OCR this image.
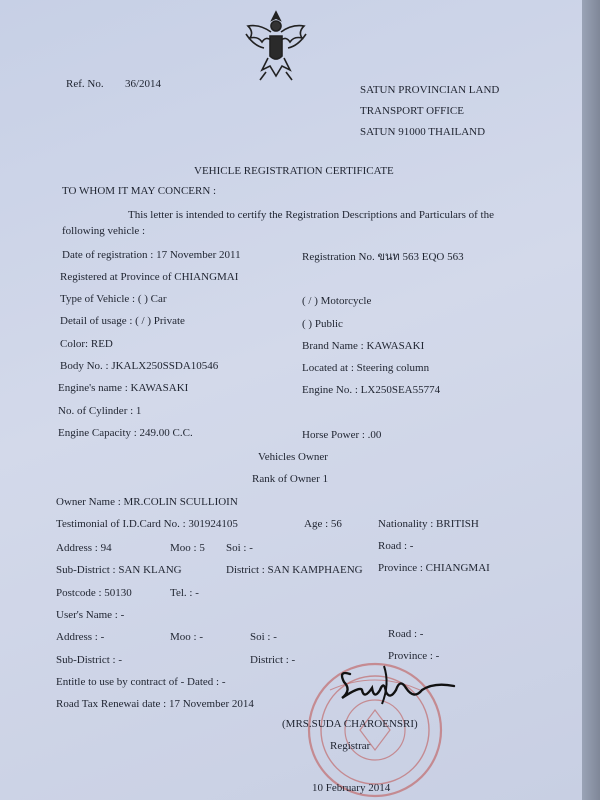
Ref. No. 36/2014	SATUN PROVINCIAN LAND
TRANSPORT OFFICE
SATUN 91000 THAILAND
VEHICLE REGISTRATION CERTIFICATE
TO WHOM IT MAY CONCERN :
This letter is intended to certify the Registration Descriptions and Particulars of the
following vehicle :
Date of registration : 17 November 2011	Registration No. ขนท 563 EQO 563
Registered at Province of CHIANGMAI
Type of Vehicle : ( ) Car	( / ) Motorcycle
Detail of usage : ( / ) Private	( ) Public
Color: RED	Brand Name : KAWASAKI
Body No. : JKALX250SSDA10546	Located at : Steering column
Engine's name : KAWASAKI	Engine No. : LX250SEA55774
No. of Cylinder : 1
Engine Capacity : 249.00 C.C.	Horse Power : .00
Vehicles Owner
Rank of Owner 1
Owner Name : MR.COLIN SCULLIOIN
Testimonial of I.D.Card No. : 301924105	Age : 56	Nationality : BRITISH
Address : 94	Moo : 5 Soi : -	Road : -
Sub-District : SAN KLANG	District : SAN KAMPHAENG Province : CHIANGMAI
Postcode : 50130	Tel. : -
User's Name : -
Address : -	Moo : -	Soi : -	Road : -
Sub-District : -	District : -	Province : -
Entitle to use by contract of - Dated : -
Road Tax Renewai date : 17 November 2014
(MRS.SUDA CHAROENSRI)
Registrar
10 February 2014
